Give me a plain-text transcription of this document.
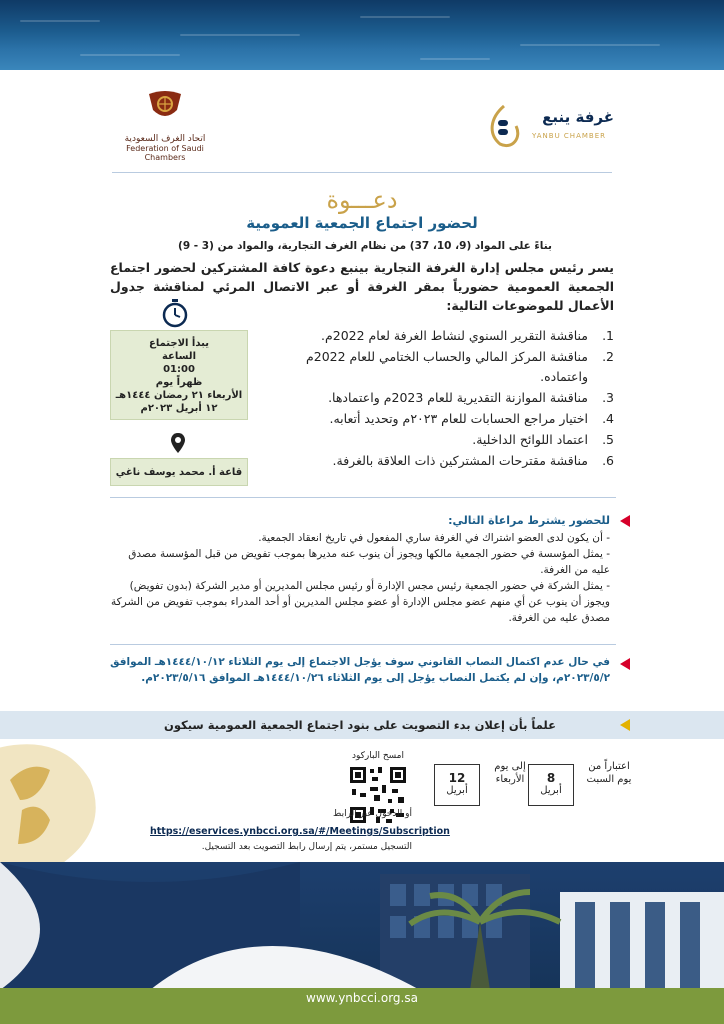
اتحاد الغرف السعودية
Federation of Saudi Chambers
غرفة ينبع
YANBU CHAMBER
دعـــوة
لحضور اجتماع الجمعية العمومية
بناءً على المواد (9، 10، 37) من نظام الغرف التجارية، والمواد من (3 - 9)
يسر رئيس مجلس إدارة الغرفة التجارية بينبع دعوة كافة المشتركين لحضور اجتماع الجمعية العمومية حضورياً بمقر الغرفة أو عبر الاتصال المرئي لمناقشة جدول الأعمال للموضوعات التالية:
يبدأ الاجتماع
الساعة
01:00
ظهراً يوم
الأربعاء ٢١ رمضان ١٤٤٤هـ
١٢ أبريل ٢٠٢٣م
قاعة أ. محمد يوسف ناغي
1.
مناقشة التقرير السنوي لنشاط الغرفة لعام 2022م.
2.
مناقشة المركز المالي والحساب الختامي للعام 2022م واعتماده.
3.
مناقشة الموازنة التقديرية للعام 2023م واعتمادها.
4.
اختيار مراجع الحسابات للعام ٢٠٢٣م وتحديد أتعابه.
5.
اعتماد اللوائح الداخلية.
6.
مناقشة مقترحات المشتركين ذات العلاقة بالغرفة.
للحضور يشترط مراعاة التالي:

- أن يكون لدى العضو اشتراك في الغرفة ساري المفعول في تاريخ انعقاد الجمعية.

- يمثل المؤسسة في حضور الجمعية مالكها ويجوز أن ينوب عنه مديرها بموجب تفويض من قبل المؤسسة مصدق عليه من الغرفة.

- يمثل الشركة في حضور الجمعية رئيس مجس الإدارة أو رئيس مجلس المديرين أو مدير الشركة (بدون تفويض) ويجوز أن ينوب عن أي منهم عضو مجلس الإدارة أو عضو مجلس المديرين أو أحد المدراء بموجب تفويض من الشركة مصدق عليه من الغرفة.

في حال عدم اكتمال النصاب القانوني سوف يؤجل الاجتماع إلى يوم الثلاثاء ١٤٤٤/١٠/١٢هـ الموافق ٢٠٢٣/٥/٢م، وإن لم يكتمل النصاب يؤجل إلى يوم الثلاثاء ١٤٤٤/١٠/٢٦هـ الموافق ٢٠٢٣/٥/١٦م.
علماً بأن إعلان بدء التصويت على بنود اجتماع الجمعية العمومية سيكون
اعتباراً من يوم السبت
8
أبريل
إلى يوم الأربعاء
12
أبريل
امسح الباركود
أو الدخول عبر الرابط
https://eservices.ynbcci.org.sa/#/Meetings/Subscription
التسجيل مستمر، يتم إرسال رابط التصويت بعد التسجيل.
www.ynbcci.org.sa
